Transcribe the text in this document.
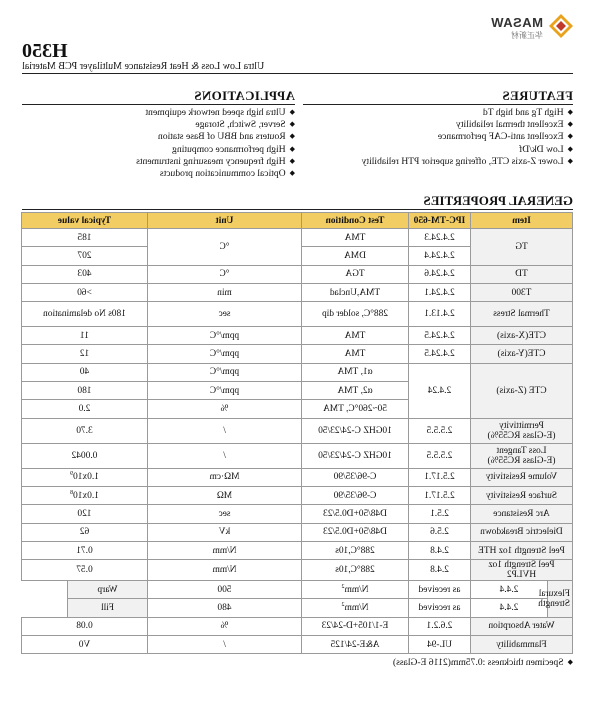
MASAW
华正新材
H350
Ultra Low Loss & Heat Resistance Multilayer PCB Material
FEATURES
◆ High Tg and high Td
◆ Excellent thermal reliability
◆ Excellent anti-CAF performance
◆ Low Dk/Df
◆ Lower Z-axis CTE, offering superior PTH reliability
APPLICATIONS
◆ Ultra high speed network equipment
◆ Server, Switch, Storage
◆ Routers and BBU of Base station
◆ High performance computing
◆ High frequency measuring instruments
◆ Optical communication products
GENERAL PROPERTIES
Item		IPC-TM-650	Test Condition	Unit	Typical value
TG		2.4.24.3	TMA	°C	185
		2.4.24.4	DMA		207
TD		2.4.24.6	TGA	°C	403
T300		2.4.24.1	TMA,Unclad	min	>60
Thermal Stress		2.4.13.1	288°C, solder dip	sec	180s No delamination
CTE(X-axis)		2.4.24.5	TMA	ppm/°C	11
CTE(Y-axis)		2.4.24.5	TMA	ppm/°C	12
CTE (Z-axis)		2.4.24	α1, TMA	ppm/°C	40
			α2, TMA	ppm/°C	180
			50~260°C, TMA	%	2.0
Permittivity
(E-Glass RC55%)		2.5.5.5	10GHZ C-24/23/50	/	3.70
Loss Tangent
(E-Glass RC55%)		2.5.5.5	10GHZ C-24/23/50	/	0.0042
Volume Resistivity		2.5.17.1	C-96/35/90	MΩ·cm	$1.0x10^9$
Surface Resistivity		2.5.17.1	C-96/35/90	MΩ	$1.0x10^8$
Arc Resistance		2.5.1	D48/50+D0.5/23	sec	120
Dielectric Breakdown		2.5.6	D48/50+D0.5/23	kV	62
Peel Strength 1oz HTE		2.4.8	288°C,10s	N/mm	0.71
Peel Strength 1oz HVLP2		2.4.8	288°C,10s	N/mm	0.57
Flexural Strength	2.4.4	as received	$N/mm^2$	500	Warp
	2.4.4	as received	$N/mm^2$	480	Fill
Water Absorption		2.6.2.1	E-1/105+D-24/23	%	0.08
Flammability		UL-94	A&E-24/125	/	V0
◆ Specimen thickness :0.75mm(2116 E-Glass)
